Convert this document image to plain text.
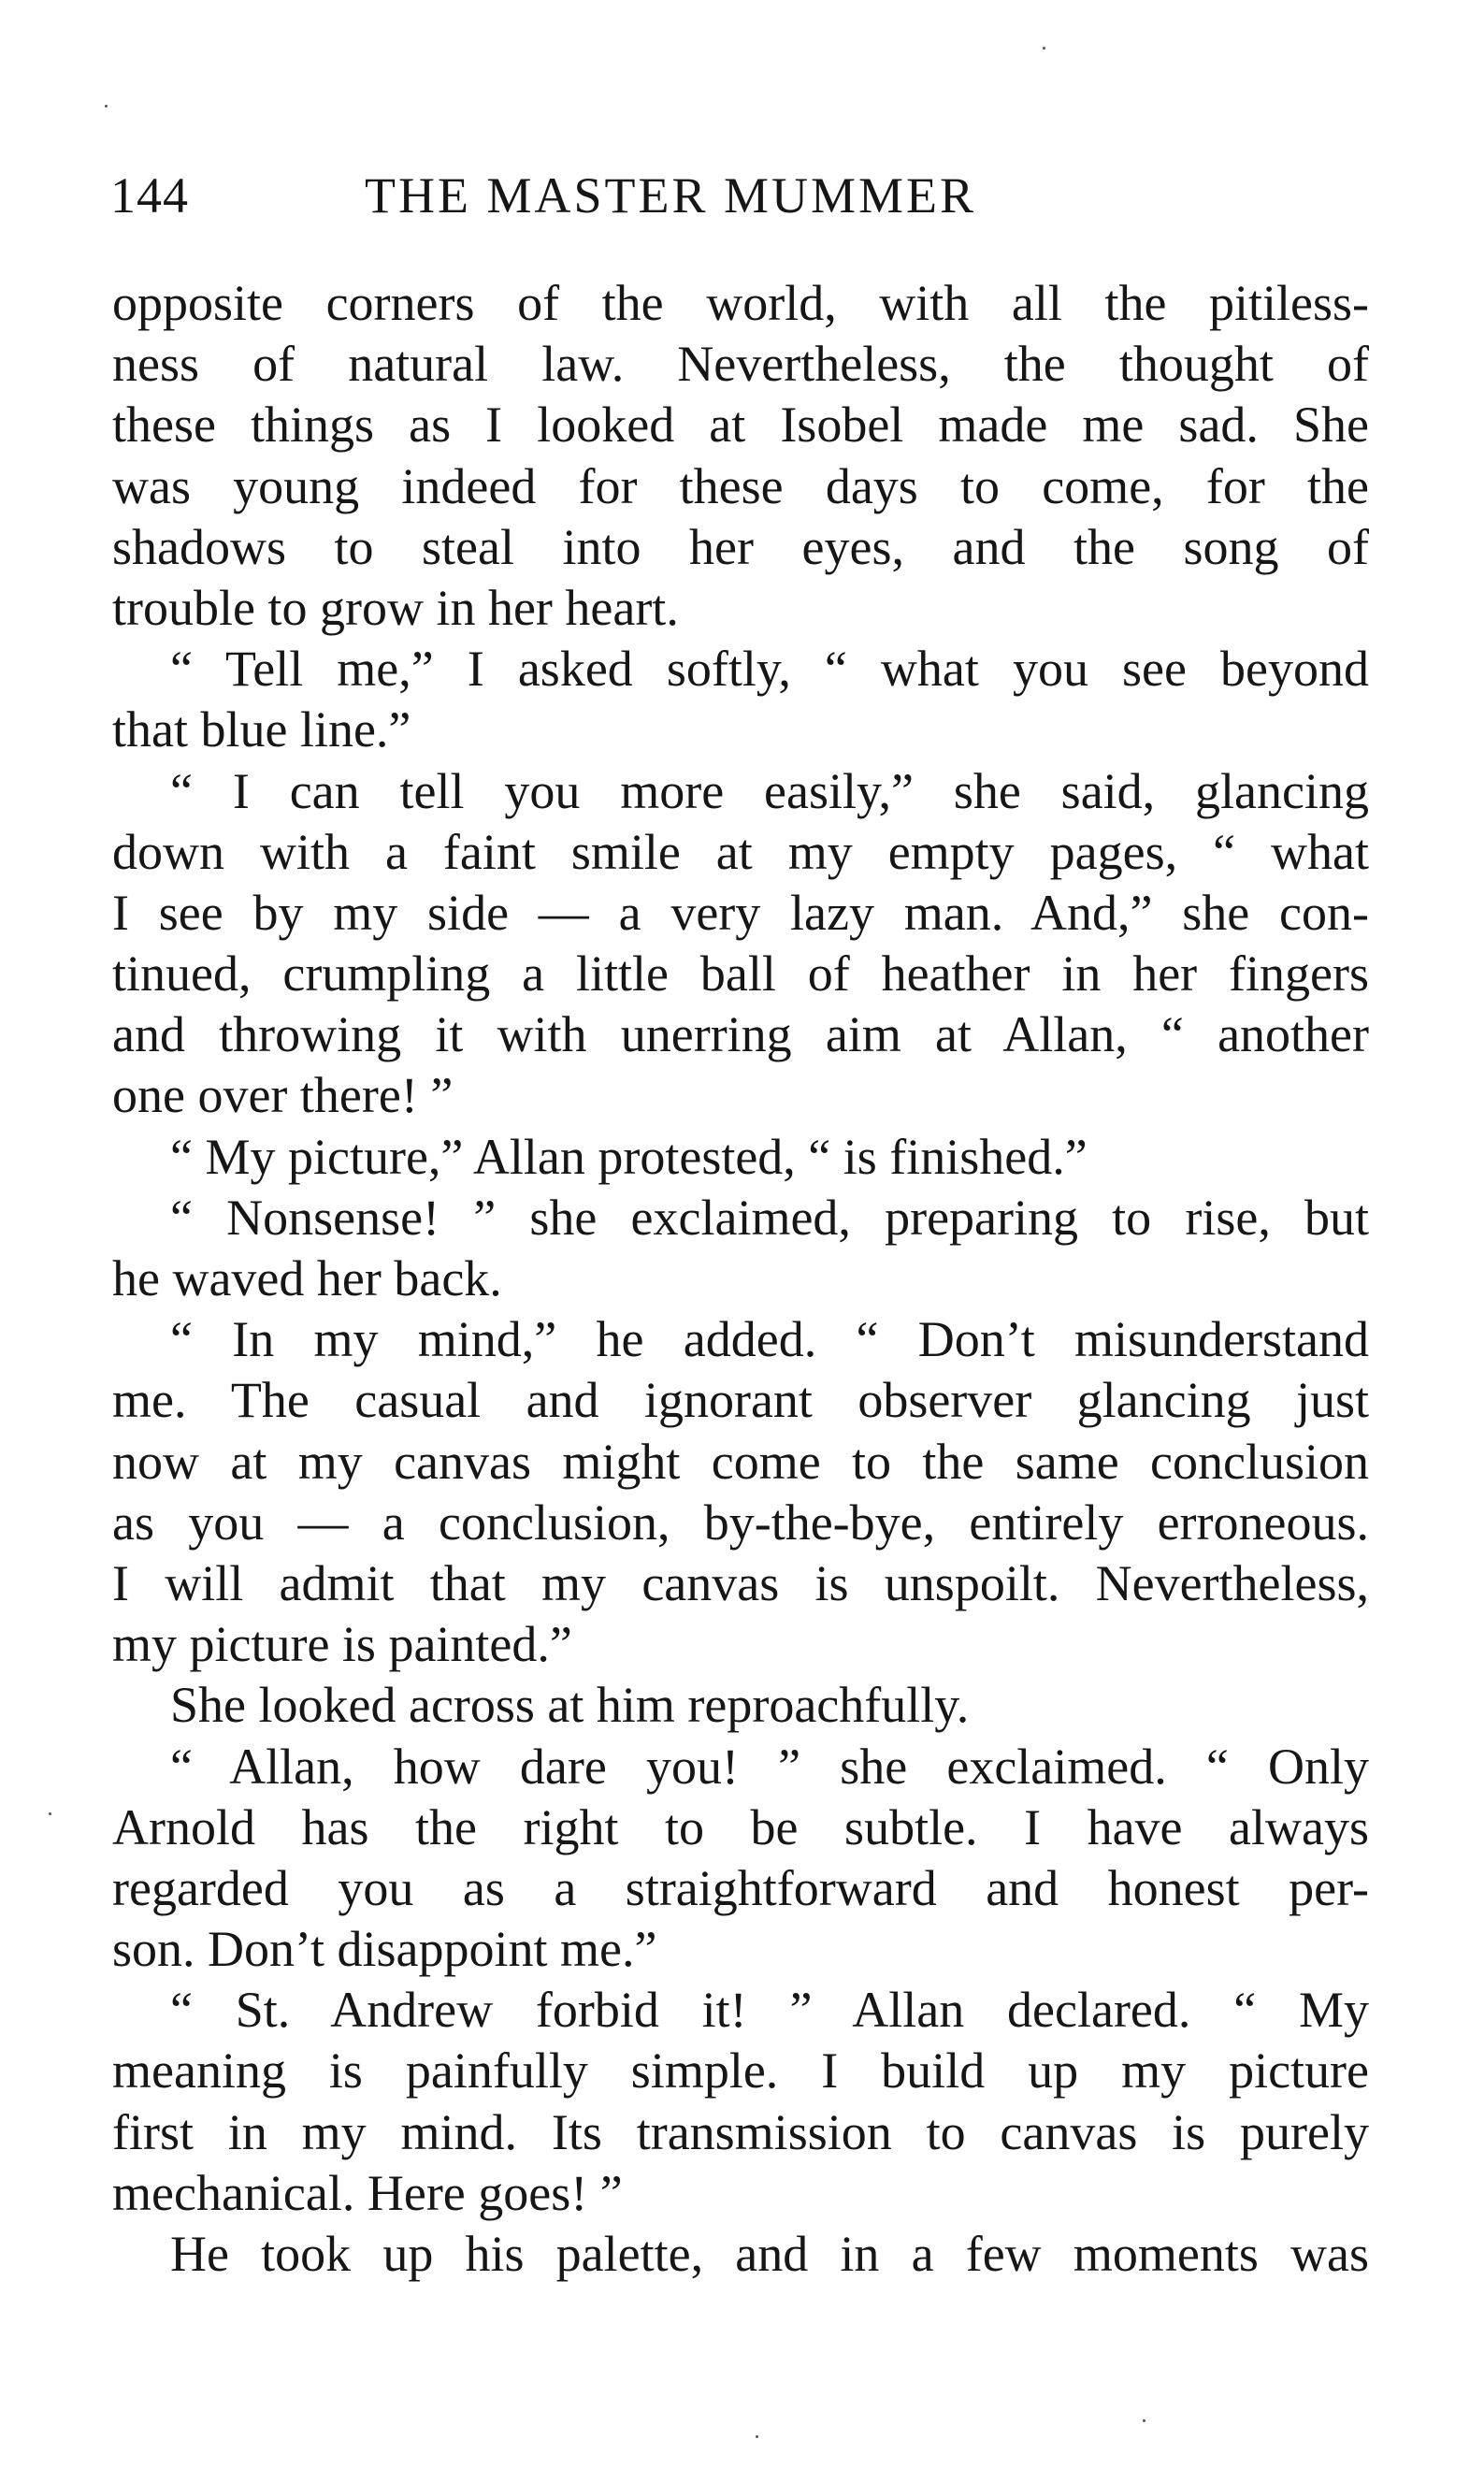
144	THE MASTER MUMMER
opposite corners of the world, with all the pitiless-
ness of natural law. Nevertheless, the thought of
these things as I looked at Isobel made me sad. She
was young indeed for these days to come, for the
shadows to steal into her eyes, and the song of
trouble to grow in her heart.
“ Tell me,” I asked softly, “ what you see beyond
that blue line.”
“ I can tell you more easily,” she said, glancing
down with a faint smile at my empty pages, “ what
I see by my side — a very lazy man. And,” she con-
tinued, crumpling a little ball of heather in her fingers
and throwing it with unerring aim at Allan, “ another
one over there! ”
“ My picture,” Allan protested, “ is finished.”
“ Nonsense! ” she exclaimed, preparing to rise, but
he waved her back.
“ In my mind,” he added. “ Don’t misunderstand
me. The casual and ignorant observer glancing just
now at my canvas might come to the same conclusion
as you — a conclusion, by-the-bye, entirely erroneous.
I will admit that my canvas is unspoilt. Nevertheless,
my picture is painted.”
She looked across at him reproachfully.
“ Allan, how dare you! ” she exclaimed. “ Only
Arnold has the right to be subtle. I have always
regarded you as a straightforward and honest per-
son. Don’t disappoint me.”
“ St. Andrew forbid it! ” Allan declared. “ My
meaning is painfully simple. I build up my picture
first in my mind. Its transmission to canvas is purely
mechanical. Here goes! ”
He took up his palette, and in a few moments was
